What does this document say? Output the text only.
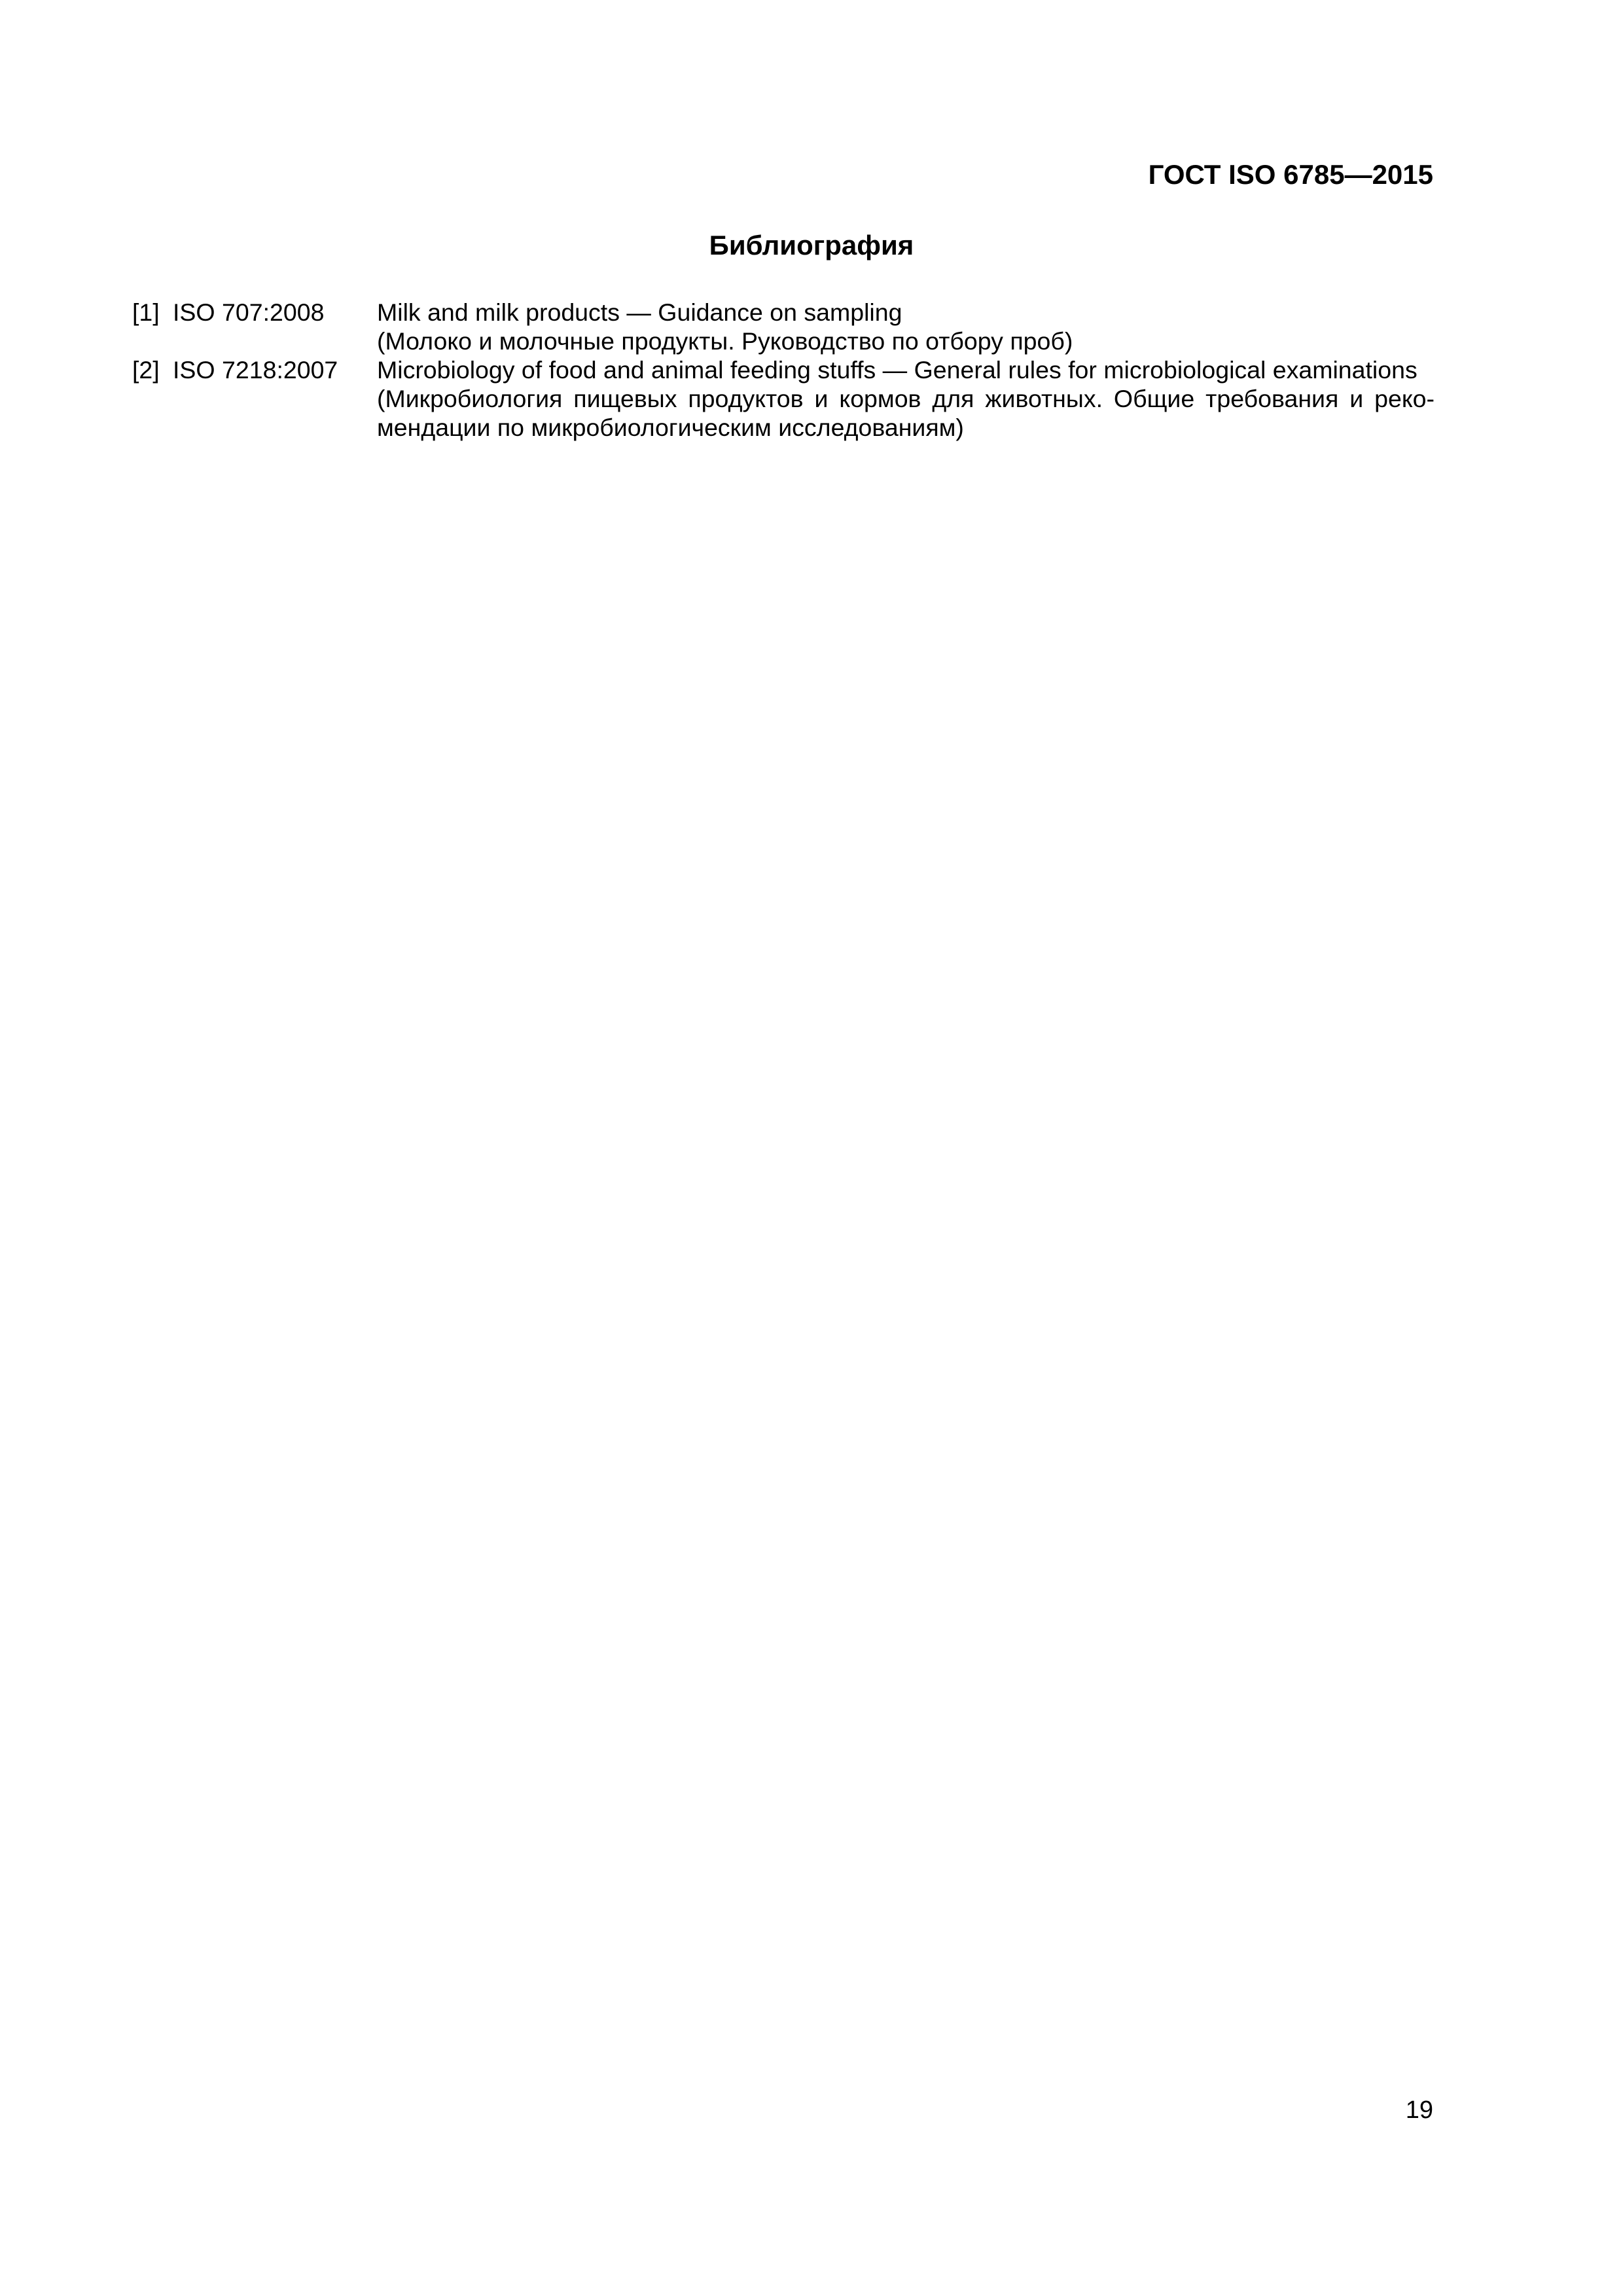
ГОСТ ISO 6785—2015
Библиография
[1] ISO 707:2008	Milk and milk products — Guidance on sampling
(Молоко и молочные продукты. Руководство по отбору проб)
[2] ISO 7218:2007	Microbiology of food and animal feeding stuffs — General rules for microbiological examinations
(Микробиология пищевых продуктов и кормов для животных. Общие требования и рекомендации по микробиологическим исследованиям)
19
